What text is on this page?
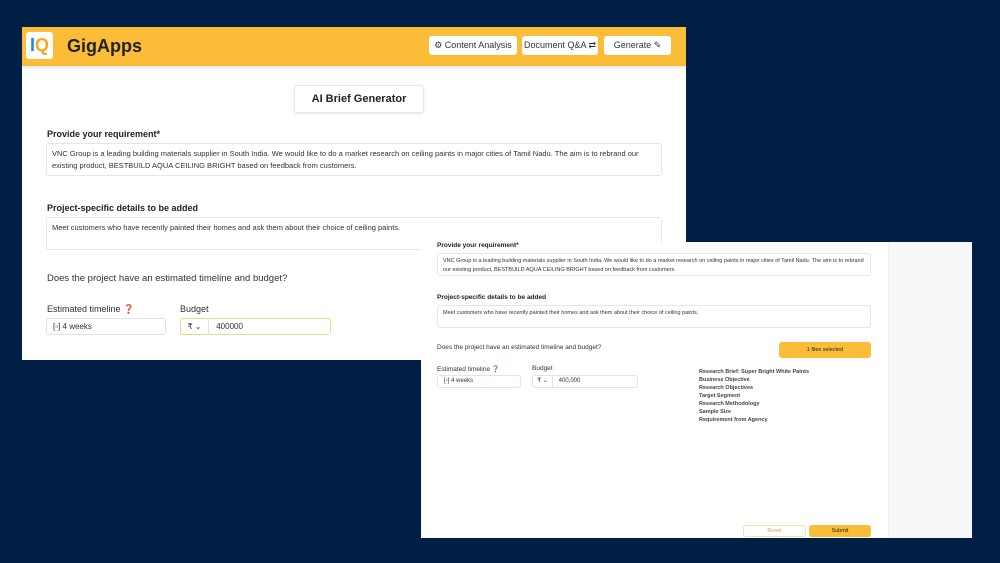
IQ GigApps	⚙ Content Analysis	Document Q&A ⇄	Generate ✎
AI Brief Generator
Provide your requirement*
VNC Group is a leading building materials supplier in South India. We would like to do a market research on ceiling paints in major cities of Tamil Nadu. The aim is to rebrand our existing product, BESTBUILD AQUA CEILING BRIGHT based on feedback from customers.
Project-specific details to be added
Meet customers who have recently painted their homes and ask them about their choice of ceiling paints.
Does the project have an estimated timeline and budget?
Estimated timeline ❓
[▫] 4 weeks
Budget
₹ ⌄ 400000
Provide your requirement*
VNC Group is a leading building materials supplier in South India. We would like to do a market research on ceiling paints in major cities of Tamil Nadu. The aim is to rebrand our existing product, BESTBUILD AQUA CEILING BRIGHT based on feedback from customers.
Project-specific details to be added
Meet customers who have recently painted their homes and ask them about their choice of ceiling paints.
Does the project have an estimated timeline and budget?	1 files selected
Estimated timeline ❓
[▫] 4 weeks
Budget
₹ ⌄ 400,000
Research Brief: Super Bright White Paints
Business Objective
Research Objectives
Target Segment
Research Methodology
Sample Size
Requirement from Agency
Reset	Submit
